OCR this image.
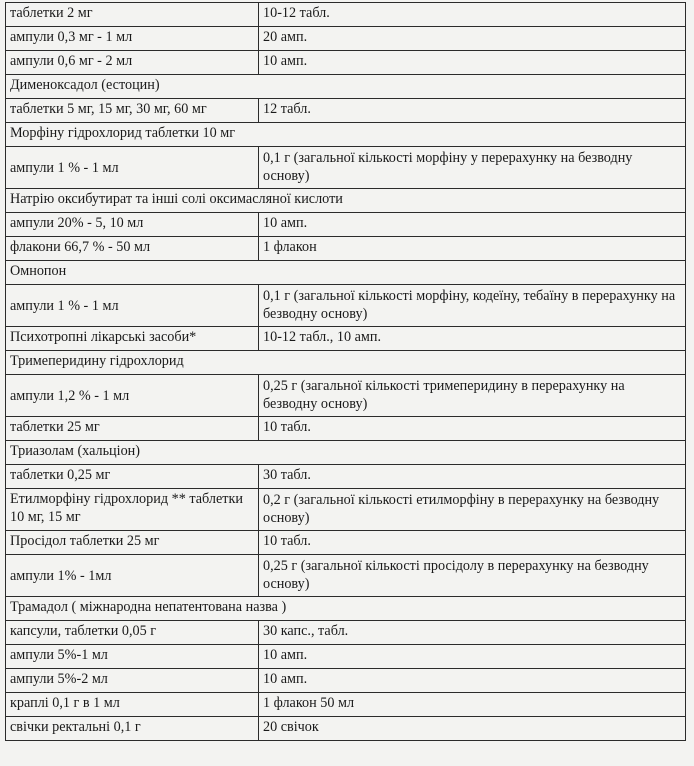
таблетки 2 мг	10-12 табл.
ампули 0,3 мг - 1 мл	20 амп.
ампули 0,6 мг - 2 мл	10 амп.
Дименоксадол (естоцин)	
таблетки 5 мг, 15 мг, 30 мг, 60 мг	12 табл.
Морфіну гідрохлорид таблетки 10 мг	
ампули 1 % - 1 мл	0,1 г (загальної кількості морфіну у перерахунку на безводну основу)
Натрію оксибутират та інші солі оксимасляної кислоти	
ампули 20% - 5, 10 мл	10 амп.
флакони 66,7 % - 50 мл	1 флакон
Омнопон	
ампули 1 % - 1 мл	0,1 г (загальної кількості морфіну, кодеїну, тебаїну в перерахунку на безводну основу)
Психотропні лікарські засоби*	10-12 табл., 10 амп.
Тримеперидину гідрохлорид	
ампули 1,2 % - 1 мл	0,25 г (загальної кількості тримеперидину в перерахунку на безводну основу)
таблетки 25 мг	10 табл.
Триазолам (хальціон)	
таблетки 0,25 мг	30 табл.
Етилморфіну гідрохлорид ** таблетки 10 мг, 15 мг	0,2 г (загальної кількості етилморфіну в перерахунку на безводну основу)
Просідол таблетки 25 мг	10 табл.
ампули 1% - 1мл	0,25 г (загальної кількості просідолу в перерахунку на безводну основу)
Трамадол ( міжнародна непатентована назва )	
капсули, таблетки 0,05 г	30 капс., табл.
ампули 5%-1 мл	10 амп.
ампули 5%-2 мл	10 амп.
краплі 0,1 г в 1 мл	1 флакон 50 мл
свічки ректальні 0,1 г	20 свічок
